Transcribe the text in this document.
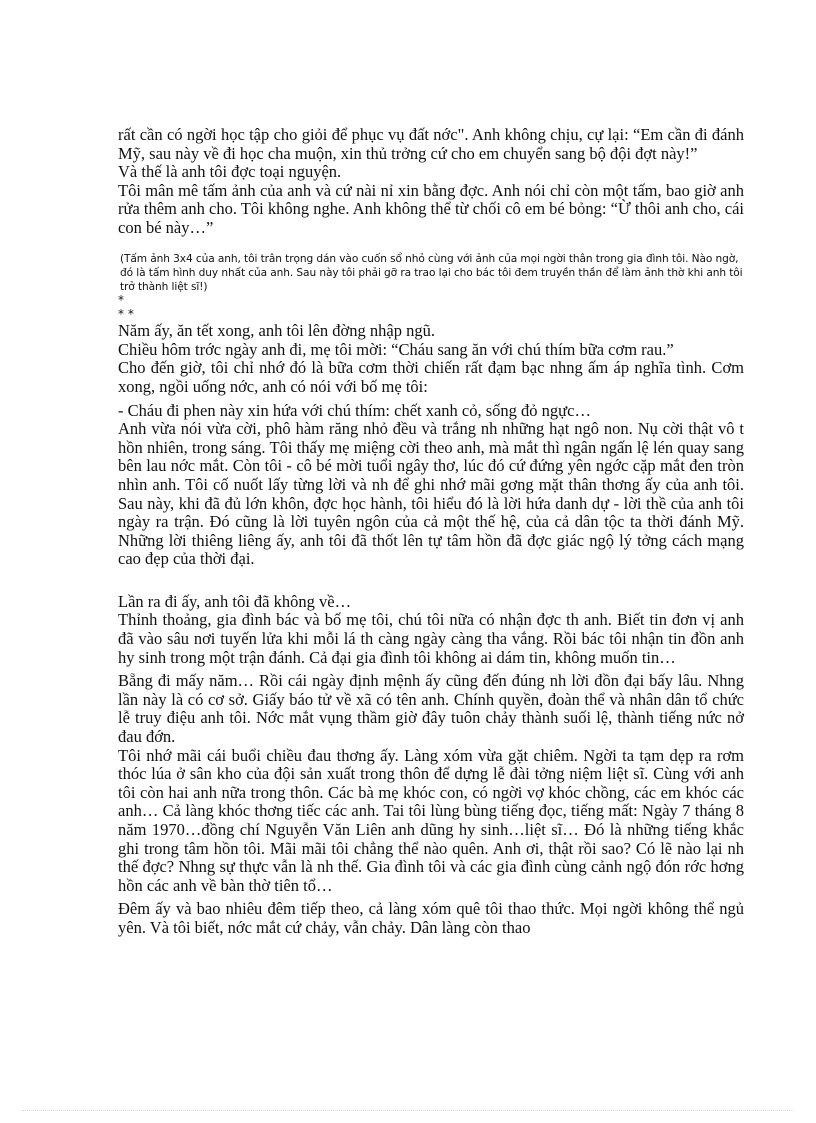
rất cần có ngời học tập cho giỏi để phục vụ đất nớc". Anh không chịu, cự lại: “Em cần đi đánh Mỹ, sau này về đi học cha muộn, xin thủ trởng cứ cho em chuyển sang bộ đội đợt này!”

Và thế là anh tôi đợc toại nguyện.

Tôi mân mê tấm ảnh của anh và cứ nài nỉ xin bằng đợc. Anh nói chỉ còn một tấm, bao giờ anh rửa thêm anh cho. Tôi không nghe. Anh không thể từ chối cô em bé bỏng: “Ừ thôi anh cho, cái con bé này…”

(Tấm ảnh 3x4 của anh, tôi trân trọng dán vào cuốn sổ nhỏ cùng với ảnh của mọi ngời thân trong gia đình tôi. Nào ngờ, đó là tấm hình duy nhất của anh. Sau này tôi phải gỡ ra trao lại cho bác tôi đem truyền thần để làm ảnh thờ khi anh tôi trở thành liệt sĩ!)

*

* *

Năm ấy, ăn tết xong, anh tôi lên đờng nhập ngũ.

Chiều hôm trớc ngày anh đi, mẹ tôi mời: “Cháu sang ăn với chú thím bữa cơm rau.”

Cho đến giờ, tôi chỉ nhớ đó là bữa cơm thời chiến rất đạm bạc nhng ấm áp nghĩa tình. Cơm xong, ngồi uống nớc, anh có nói với bố mẹ tôi:

- Cháu đi phen này xin hứa với chú thím: chết xanh cỏ, sống đỏ ngực…

Anh vừa nói vừa cời, phô hàm răng nhỏ đều và trắng nh những hạt ngô non. Nụ cời thật vô t hồn nhiên, trong sáng. Tôi thấy mẹ miệng cời theo anh, mà mắt thì ngân ngấn lệ lén quay sang bên lau nớc mắt. Còn tôi - cô bé mời tuổi ngây thơ, lúc đó cứ đứng yên ngớc cặp mắt đen tròn nhìn anh. Tôi cố nuốt lấy từng lời và nh để ghi nhớ mãi gơng mặt thân thơng ấy của anh tôi. Sau này, khi đã đủ lớn khôn, đợc học hành, tôi hiểu đó là lời hứa danh dự - lời thề của anh tôi ngày ra trận. Đó cũng là lời tuyên ngôn của cả một thế hệ, của cả dân tộc ta thời đánh Mỹ. Những lời thiêng liêng ấy, anh tôi đã thốt lên tự tâm hồn đã đợc giác ngộ lý tởng cách mạng cao đẹp của thời đại.

Lần ra đi ấy, anh tôi đã không về…

Thỉnh thoảng, gia đình bác và bố mẹ tôi, chú tôi nữa có nhận đợc th anh. Biết tin đơn vị anh đã vào sâu nơi tuyến lửa khi mỗi lá th càng ngày càng tha vắng. Rồi bác tôi nhận tin đồn anh hy sinh trong một trận đánh. Cả đại gia đình tôi không ai dám tin, không muốn tin…

Bẵng đi mấy năm… Rồi cái ngày định mệnh ấy cũng đến đúng nh lời đồn đại bấy lâu. Nhng lần này là có cơ sở. Giấy báo tử về xã có tên anh. Chính quyền, đoàn thể và nhân dân tổ chức lễ truy điệu anh tôi. Nớc mắt vụng thầm giờ đây tuôn chảy thành suối lệ, thành tiếng nức nở đau đớn.

Tôi nhớ mãi cái buổi chiều đau thơng ấy. Làng xóm vừa gặt chiêm. Ngời ta tạm dẹp ra rơm thóc lúa ở sân kho của đội sản xuất trong thôn để dựng lễ đài tởng niệm liệt sĩ. Cùng với anh tôi còn hai anh nữa trong thôn. Các bà mẹ khóc con, có ngời vợ khóc chồng, các em khóc các anh… Cả làng khóc thơng tiếc các anh. Tai tôi lùng bùng tiếng đọc, tiếng mất: Ngày 7 tháng 8 năm 1970…đồng chí Nguyễn Văn Liên anh dũng hy sinh…liệt sĩ… Đó là những tiếng khắc ghi trong tâm hồn tôi. Mãi mãi tôi chẳng thể nào quên. Anh ơi, thật rồi sao? Có lẽ nào lại nh thế đợc? Nhng sự thực vẫn là nh thế. Gia đình tôi và các gia đình cùng cảnh ngộ đón rớc hơng hồn các anh về bàn thờ tiên tổ…

Đêm ấy và bao nhiêu đêm tiếp theo, cả làng xóm quê tôi thao thức. Mọi ngời không thể ngủ yên. Và tôi biết, nớc mắt cứ chảy, vẫn chảy. Dân làng còn thao
